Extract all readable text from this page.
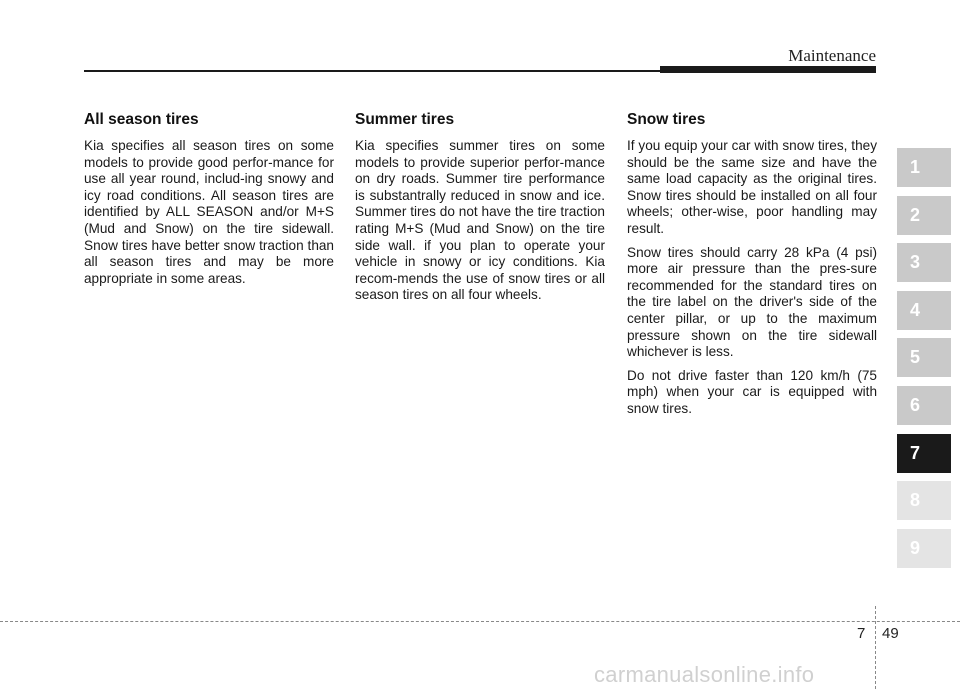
Maintenance
All season tires

Kia specifies all season tires on some models to provide good perfor-mance for use all year round, includ-ing snowy and icy road conditions. All season tires are identified by ALL SEASON and/or M+S (Mud and Snow) on the tire sidewall. Snow tires have better snow traction than all season tires and may be more appropriate in some areas.

Summer tires

Kia specifies summer tires on some models to provide superior perfor-mance on dry roads. Summer tire performance is substantrally reduced in snow and ice. Summer tires do not have the tire traction rating M+S (Mud and Snow) on the tire side wall. if you plan to operate your vehicle in snowy or icy conditions. Kia recom-mends the use of snow tires or all season tires on all four wheels.

Snow tires

If you equip your car with snow tires, they should be the same size and have the same load capacity as the original tires. Snow tires should be installed on all four wheels; other-wise, poor handling may result.

Snow tires should carry 28 kPa (4 psi) more air pressure than the pres-sure recommended for the standard tires on the tire label on the driver's side of the center pillar, or up to the maximum pressure shown on the tire sidewall whichever is less.

Do not drive faster than 120 km/h (75 mph) when your car is equipped with snow tires.

1
2
3
4
5
6
7
8
9
7 49
carmanualsonline.info
